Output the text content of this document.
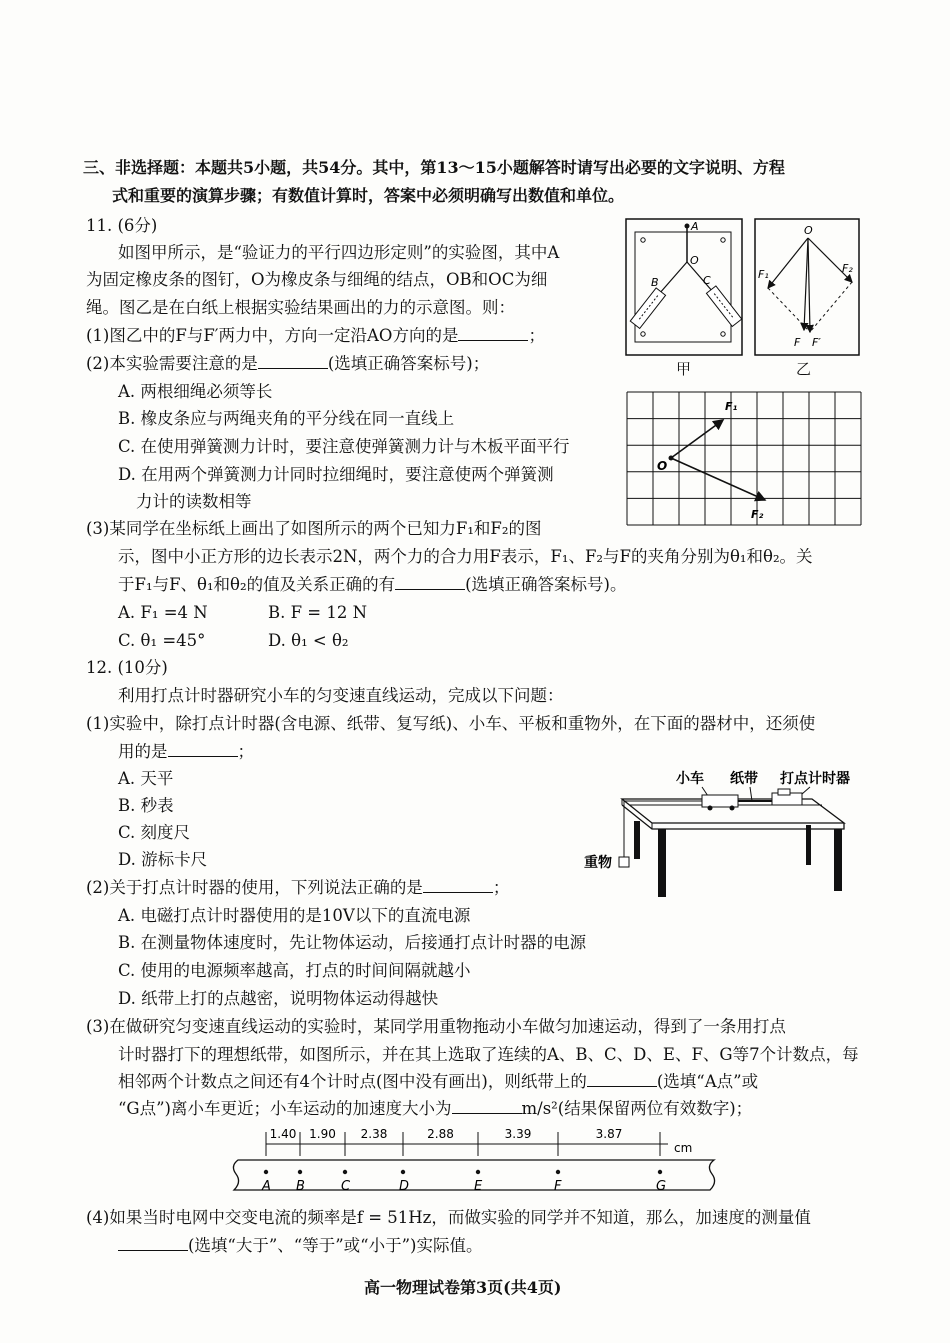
三、非选择题：本题共5小题，共54分。其中，第13～15小题解答时请写出必要的文字说明、方程
式和重要的演算步骤；有数值计算时，答案中必须明确写出数值和单位。
11. (6分)
如图甲所示，是“验证力的平行四边形定则”的实验图，其中A
为固定橡皮条的图钉，O为橡皮条与细绳的结点，OB和OC为细
绳。图乙是在白纸上根据实验结果画出的力的示意图。则：
(1)图乙中的F与F′两力中，方向一定沿AO方向的是	；
(2)本实验需要注意的是	(选填正确答案标号)；
A. 两根细绳必须等长
B. 橡皮条应与两绳夹角的平分线在同一直线上
C. 在使用弹簧测力计时，要注意使弹簧测力计与木板平面平行
D. 在用两个弹簧测力计同时拉细绳时，要注意使两个弹簧测
力计的读数相等
(3)某同学在坐标纸上画出了如图所示的两个已知力F₁和F₂的图
示，图中小正方形的边长表示2N，两个力的合力用F表示，F₁、F₂与F的夹角分别为θ₁和θ₂。关
于F₁与F、θ₁和θ₂的值及关系正确的有	(选填正确答案标号)。
A. F₁ =4 N	B. F = 12 N
C. θ₁ =45°	D. θ₁ < θ₂
A
O
B	C
O
F₁	F₂
F F′
甲	乙
O
F₁
F₂
12. (10分)
利用打点计时器研究小车的匀变速直线运动，完成以下问题：
(1)实验中，除打点计时器(含电源、纸带、复写纸)、小车、平板和重物外，在下面的器材中，还须使
用的是	；
A. 天平
B. 秒表
C. 刻度尺
D. 游标卡尺
(2)关于打点计时器的使用，下列说法正确的是	；
A. 电磁打点计时器使用的是10V以下的直流电源
B. 在测量物体速度时，先让物体运动，后接通打点计时器的电源
C. 使用的电源频率越高，打点的时间间隔就越小
D. 纸带上打的点越密，说明物体运动得越快
(3)在做研究匀变速直线运动的实验时，某同学用重物拖动小车做匀加速运动，得到了一条用打点
计时器打下的理想纸带，如图所示，并在其上选取了连续的A、B、C、D、E、F、G等7个计数点，每
相邻两个计数点之间还有4个计时点(图中没有画出)，则纸带上的	(选填“A点”或
“G点”)离小车更近；小车运动的加速度大小为	m/s²(结果保留两位有效数字)；
(4)如果当时电网中交变电流的频率是f = 51Hz，而做实验的同学并不知道，那么，加速度的测量值
(选填“大于”、“等于”或“小于”)实际值。
小车 纸带 打点计时器
重物
1.40 1.90 2.38	2.88	3.39	3.87
cm
A B	C	D	E	F	G
高一物理试卷第3页(共4页)
